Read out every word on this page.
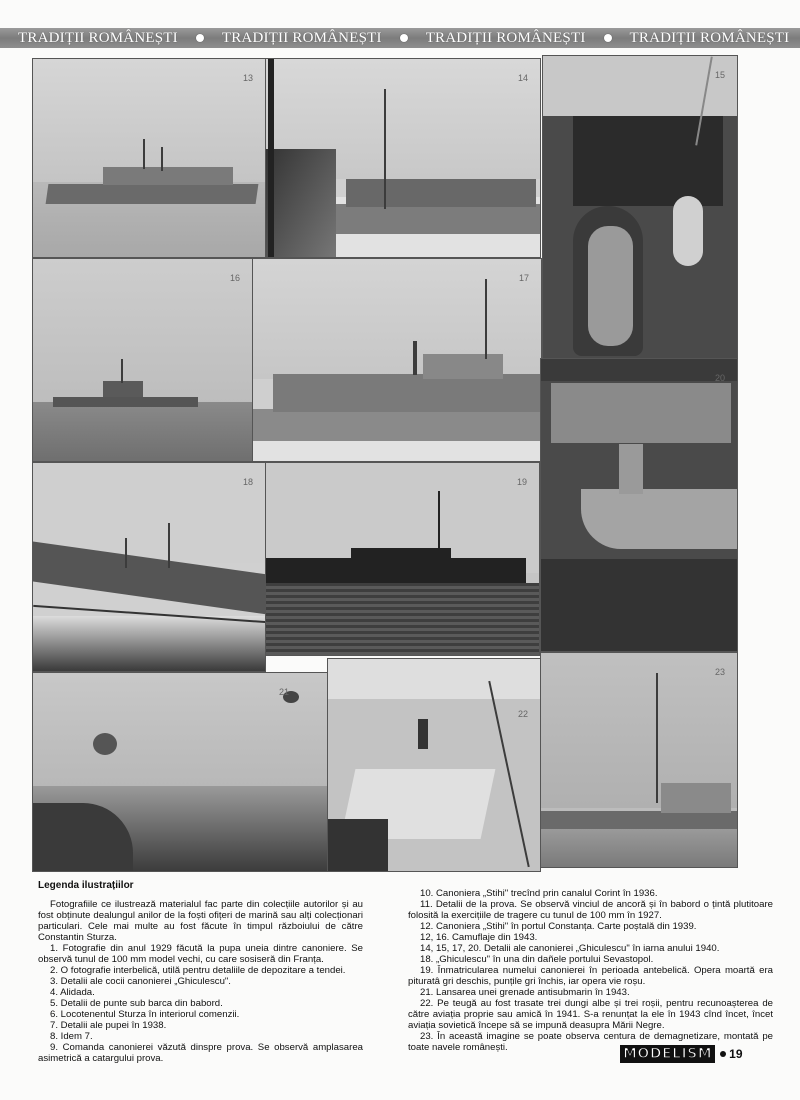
TRADIȚII ROMÂNEȘTI	TRADIȚII ROMÂNEȘTI	TRADIȚII ROMÂNEȘTI	TRADIȚII ROMÂNEȘTI
13	14	15
16	17
20
18	19
21
22
23
Legenda ilustrațiilor

Fotografiile ce ilustrează materialul fac parte din colecțiile autorilor și au fost obținute dealungul anilor de la foști ofițeri de marină sau alți colecționari particulari. Cele mai multe au fost făcute în timpul războiului de către Constantin Sturza.

1. Fotografie din anul 1929 făcută la pupa uneia dintre canoniere. Se observă tunul de 100 mm model vechi, cu care sosiseră din Franța.

2. O fotografie interbelică, utilă pentru detaliile de depozitare a tendei.

3. Detalii ale cocii canonierei „Ghiculescu".

4. Alidada.

5. Detalii de punte sub barca din babord.

6. Locotenentul Sturza în interiorul comenzii.

7. Detalii ale pupei în 1938.

8. Idem 7.

9. Comanda canonierei văzută dinspre prova. Se observă amplasarea asimetrică a catargului prova.

10. Canoniera „Stihi" trecînd prin canalul Corint în 1936.

11. Detalii de la prova. Se observă vinciul de ancoră și în babord o țintă plutitoare folosită la exercițiile de tragere cu tunul de 100 mm în 1927.

12. Canoniera „Stihi" în portul Constanța. Carte poștală din 1939.

12, 16. Camuflaje din 1943.

14, 15, 17, 20. Detalii ale canonierei „Ghiculescu" în iarna anului 1940.

18. „Ghiculescu" în una din dañele portului Sevastopol.

19. Înmatricularea numelui canonierei în perioada antebelică. Opera moartă era pituratâ gri deschis, punțile gri închis, iar opera vie roșu.

21. Lansarea unei grenade antisubmarin în 1943.

22. Pe teugă au fost trasate trei dungi albe și trei roșii, pentru recunoașterea de către aviația proprie sau amică în 1941. S-a renunțat la ele în 1943 cînd încet, încet aviația sovietică începe să se impună deasupra Mării Negre.

23. În această imagine se poate observa centura de demagnetizare, montată pe toate navele românești.	MODELISM 19
